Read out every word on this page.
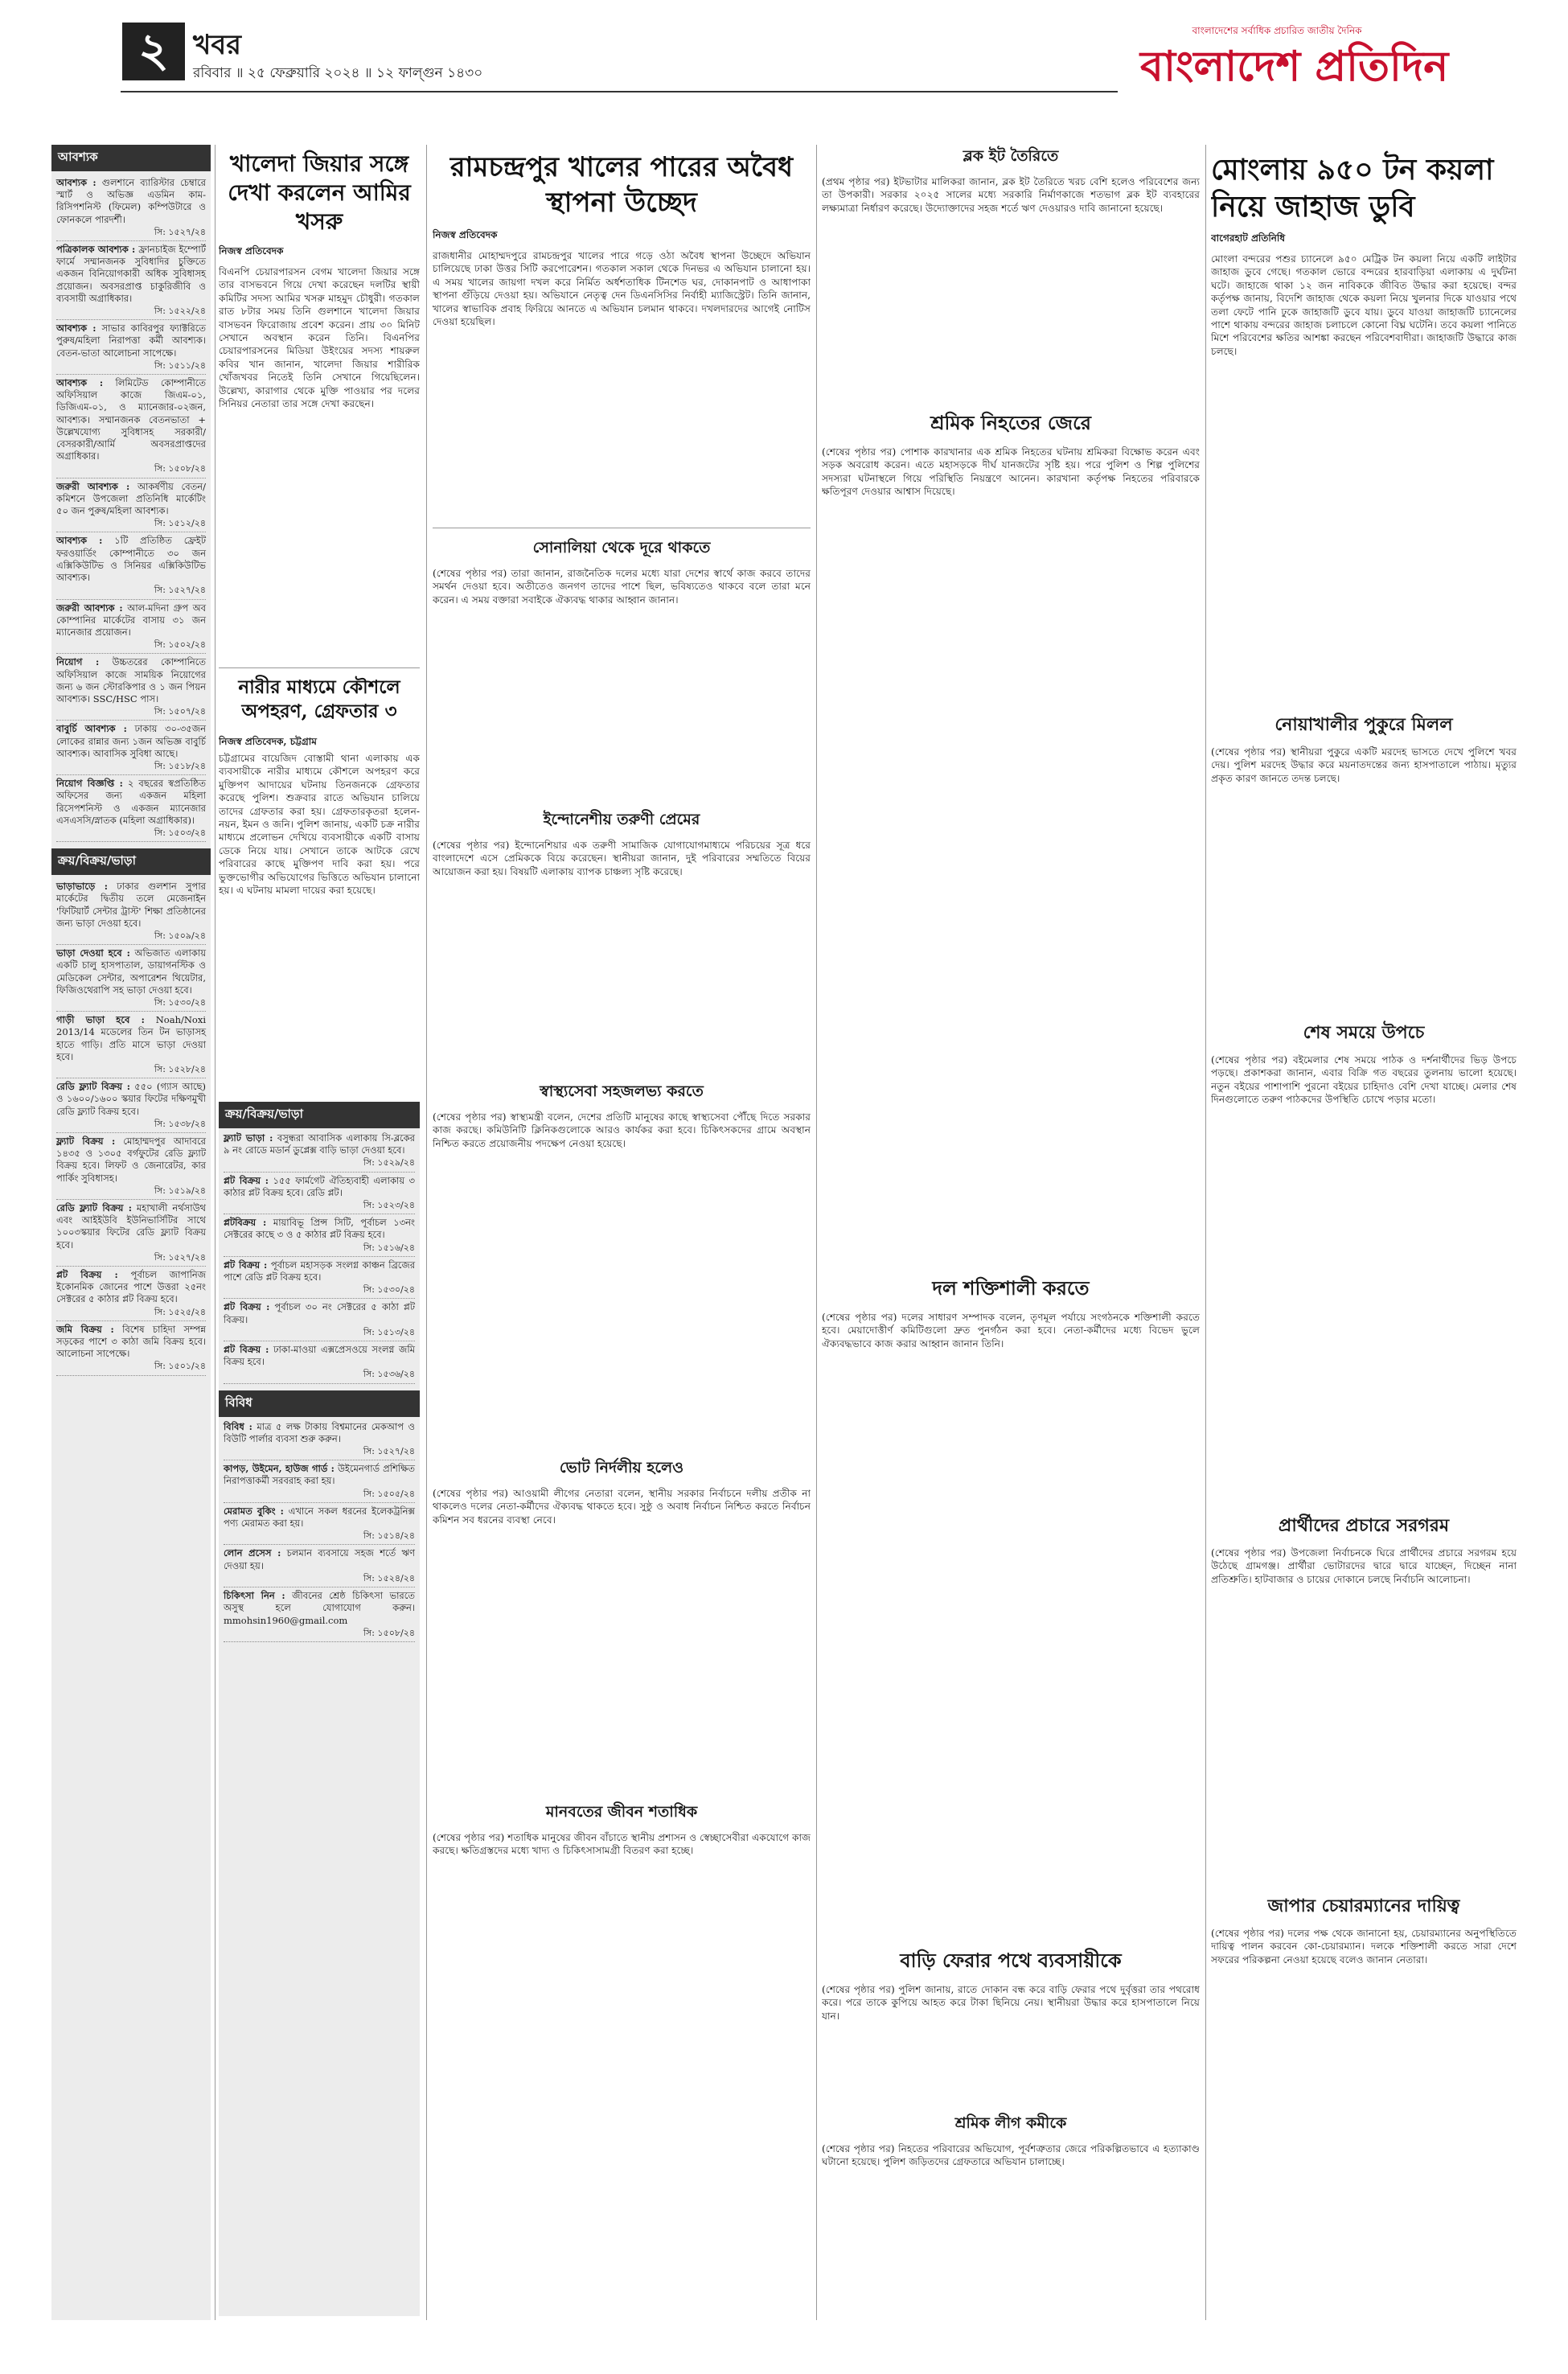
২ খবর
রবিবার ॥ ২৫ ফেব্রুয়ারি ২০২৪ ॥ ১২ ফাল্গুন ১৪৩০
বাংলাদেশের সর্বাধিক প্রচারিত জাতীয় দৈনিক
বাংলাদেশ প্রতিদিন
আবশ্যক

আবশ্যক : গুলশানে ব্যারিস্টার চেম্বারে স্মার্ট ও অভিজ্ঞ এডমিন কাম-রিসিপশনিস্ট (ফিমেল) কম্পিউটারে ও ফোনকলে পারদর্শী।
সি: ১৫২৭/২৪

পত্রিকালক আবশ্যক : ফ্রানচাইজ ইম্পোর্ট ফার্মে সম্মানজনক সুবিধাদির চুক্তিতে একজন বিনিয়োগকারী অধিক সুবিধাসহ প্রয়োজন। অবসরপ্রাপ্ত চাকুরিজীবি ও ব্যবসায়ী অগ্রাধিকার।
সি: ১৫২২/২৪

আবশ্যক : সাভার কাবিরপুর ফ্যাক্টরিতে পুরুষ/মহিলা নিরাপত্তা কর্মী আবশ্যক। বেতন-ভাতা আলোচনা সাপেক্ষে।
সি: ১৫১১/২৪

আবশ্যক : লিমিটেড কোম্পানীতে অফিসিয়াল কাজে জিএম-০১, ডিজিএম-০১, ও ম্যানেজার-০২জন, আবশ্যক। সম্মানজনক বেতনভাতা + উল্লেখযোগ্য সুবিধাসহ সরকারী/বেসরকারী/আর্মি অবসরপ্রাপ্তদের অগ্রাধিকার।
সি: ১৫০৮/২৪

জরুরী আবশ্যক : আকর্ষণীয় বেতন/কমিশনে উপজেলা প্রতিনিধি মার্কেটিং ৫০ জন পুরুষ/মহিলা আবশ্যক।
সি: ১৫১২/২৪

আবশ্যক : ১টি প্রতিষ্ঠিত ফ্রেইট ফরওয়ার্ডিং কোম্পানীতে ৩০ জন এক্সিকিউটিভ ও সিনিয়র এক্সিকিউটিভ আবশ্যক।
সি: ১৫২৭/২৪

জরুরী আবশ্যক : আল-মদিনা গ্রুপ অব কোম্পানির মার্কেটের বাসায় ৩১ জন ম্যানেজার প্রয়োজন।
সি: ১৫০২/২৪

নিয়োগ : উচ্চতরের কোম্পানিতে অফিসিয়াল কাজে সাময়িক নিয়োগের জন্য ৬ জন স্টোরকিপার ও ১ জন পিয়ন আবশ্যক। SSC/HSC পাস।
সি: ১৫০৭/২৪

বাবুর্চি আবশ্যক : ঢাকায় ৩০-৩৫জন লোকের রান্নার জন্য ১জন অভিজ্ঞ বাবুর্চি আবশ্যক। আবাসিক সুবিধা আছে।
সি: ১৫১৮/২৪

নিয়োগ বিজ্ঞপ্তি : ২ বছরের স্বপ্রতিষ্ঠিত অফিসের জন্য একজন মহিলা রিসেপশনিস্ট ও একজন ম্যানেজার এসএসসি/স্নাতক (মহিলা অগ্রাধিকার)।
সি: ১৫০৩/২৪

ক্রয়/বিক্রয়/ভাড়া

ভাড়াভাড়ে : ঢাকার গুলশান সুপার মার্কেটের দ্বিতীয় তলে মেজেনাইন 'ফিটিয়ার্ট সেন্টার ট্রাস্ট' শিক্ষা প্রতিষ্ঠানের জন্য ভাড়া দেওয়া হবে।
সি: ১৫০৯/২৪

ভাড়া দেওয়া হবে : অভিজাত এলাকায় একটি চালু হাসপাতাল, ডায়াগনস্টিক ও মেডিকেল সেন্টার, অপারেশন থিয়েটার, ফিজিওথেরাপি সহ ভাড়া দেওয়া হবে।
সি: ১৫৩০/২৪

গাড়ী ভাড়া হবে : Noah/Noxi 2013/14 মডেলের তিন টন ভাড়াসহ হাতে গাড়ি। প্রতি মাসে ভাড়া দেওয়া হবে।
সি: ১৫২৮/২৪

রেডি ফ্ল্যাট বিক্রয় : ৫৫০ (গ্যাস আছে) ও ১৬০০/১৬০০ স্কয়ার ফিটের দক্ষিণমুখী রেডি ফ্ল্যাট বিক্রয় হবে।
সি: ১৫৩৮/২৪

ফ্ল্যাট বিক্রয় : মোহাম্মদপুর আদাবরে ১৪৩৫ ও ১৩০৫ বর্গফুটের রেডি ফ্ল্যাট বিক্রয় হবে। লিফট ও জেনারেটর, কার পার্কিং সুবিধাসহ।
সি: ১৫১৯/২৪

রেডি ফ্ল্যাট বিক্রয় : মহাখালী নর্থসাউথ এবং আইইউবি ইউনিভার্সিটির সাথে ১০০৩স্কয়ার ফিটের রেডি ফ্ল্যাট বিক্রয় হবে।
সি: ১৫২৭/২৪

প্লট বিক্রয় : পূর্বাচল জাপানিজ ইকোনমিক জোনের পাশে উত্তরা ২৫নং সেক্টরের ৫ কাঠার প্লট বিক্রয় হবে।
সি: ১৫২৫/২৪

জমি বিক্রয় : বিশেষ চাহিদা সম্পন্ন সড়কের পাশে ৩ কাঠা জমি বিক্রয় হবে। আলোচনা সাপেক্ষে।
সি: ১৫০১/২৪

খালেদা জিয়ার সঙ্গে দেখা করলেন আমির খসরু
নিজস্ব প্রতিবেদক
বিএনপি চেয়ারপারসন বেগম খালেদা জিয়ার সঙ্গে তার বাসভবনে গিয়ে দেখা করেছেন দলটির স্থায়ী কমিটির সদস্য আমির খসরু মাহমুদ চৌধুরী। গতকাল রাত ৮টার সময় তিনি গুলশানে খালেদা জিয়ার বাসভবন ফিরোজায় প্রবেশ করেন। প্রায় ৩০ মিনিট সেখানে অবস্থান করেন তিনি। বিএনপির চেয়ারপারসনের মিডিয়া উইংয়ের সদস্য শায়রুল কবির খান জানান, খালেদা জিয়ার শারীরিক খোঁজখবর নিতেই তিনি সেখানে গিয়েছিলেন। উল্লেখ্য, কারাগার থেকে মুক্তি পাওয়ার পর দলের সিনিয়র নেতারা তার সঙ্গে দেখা করছেন।
নারীর মাধ্যমে কৌশলে অপহরণ, গ্রেফতার ৩
নিজস্ব প্রতিবেদক, চট্টগ্রাম
চট্টগ্রামের বায়েজিদ বোস্তামী থানা এলাকায় এক ব্যবসায়ীকে নারীর মাধ্যমে কৌশলে অপহরণ করে মুক্তিপণ আদায়ের ঘটনায় তিনজনকে গ্রেফতার করেছে পুলিশ। শুক্রবার রাতে অভিযান চালিয়ে তাদের গ্রেফতার করা হয়। গ্রেফতারকৃতরা হলেন-নয়ন, ইমন ও জনি। পুলিশ জানায়, একটি চক্র নারীর মাধ্যমে প্রলোভন দেখিয়ে ব্যবসায়ীকে একটি বাসায় ডেকে নিয়ে যায়। সেখানে তাকে আটকে রেখে পরিবারের কাছে মুক্তিপণ দাবি করা হয়। পরে ভুক্তভোগীর অভিযোগের ভিত্তিতে অভিযান চালানো হয়। এ ঘটনায় মামলা দায়ের করা হয়েছে।
ক্রয়/বিক্রয়/ভাড়া

ফ্ল্যাট ভাড়া : বসুন্ধরা আবাসিক এলাকায় সি-ব্লকের ৯ নং রোডে মডার্ন ডুপ্লেক্স বাড়ি ভাড়া দেওয়া হবে।
সি: ১৫২৯/২৪

প্লট বিক্রয় : ১৫৫ ফার্মগেট ঐতিহ্যবাহী এলাকায় ৩ কাঠার প্লট বিক্রয় হবে। রেডি প্লট।
সি: ১৫২৩/২৪

প্লটবিক্রয় : মায়াবিভূ প্রিন্স সিটি, পূর্বাচল ১৩নং সেক্টরের কাছে ৩ ও ৫ কাঠার প্লট বিক্রয় হবে।
সি: ১৫১৬/২৪

প্লট বিক্রয় : পূর্বাচল মহাসড়ক সংলগ্ন কাঞ্চন ব্রিজের পাশে রেডি প্লট বিক্রয় হবে।
সি: ১৫৩০/২৪

প্লট বিক্রয় : পূর্বাচল ৩০ নং সেক্টরের ৫ কাঠা প্লট বিক্রয়।
সি: ১৫১৩/২৪

প্লট বিক্রয় : ঢাকা-মাওয়া এক্সপ্রেসওয়ে সংলগ্ন জমি বিক্রয় হবে।
সি: ১৫৩৬/২৪

বিবিধ

বিবিধ : মাত্র ৫ লক্ষ টাকায় বিশ্বমানের মেকআপ ও বিউটি পার্লার ব্যবসা শুরু করুন।
সি: ১৫২৭/২৪

কাপড়, উইমেন, হাউজ গার্ড : উইমেনগার্ড প্রশিক্ষিত নিরাপত্তাকর্মী সরবরাহ করা হয়।
সি: ১৫০৫/২৪

মেরামত বুকিং : এখানে সকল ধরনের ইলেকট্রনিক্স পণ্য মেরামত করা হয়।
সি: ১৫১৪/২৪

লোন প্রসেস : চলমান ব্যবসায়ে সহজ শর্তে ঋণ দেওয়া হয়।
সি: ১৫২৪/২৪

চিকিৎসা নিন : জীবনের শ্রেষ্ঠ চিকিৎসা ভারতে অসুস্থ হলে যোগাযোগ করুন। mmohsin1960@gmail.com
সি: ১৫০৮/২৪

রামচন্দ্রপুর খালের পারের অবৈধ স্থাপনা উচ্ছেদ
নিজস্ব প্রতিবেদক
রাজধানীর মোহাম্মদপুরে রামচন্দ্রপুর খালের পারে গড়ে ওঠা অবৈধ স্থাপনা উচ্ছেদে অভিযান চালিয়েছে ঢাকা উত্তর সিটি করপোরেশন। গতকাল সকাল থেকে দিনভর এ অভিযান চালানো হয়। এ সময় খালের জায়গা দখল করে নির্মিত অর্ধশতাধিক টিনশেড ঘর, দোকানপাট ও আধাপাকা স্থাপনা গুঁড়িয়ে দেওয়া হয়। অভিযানে নেতৃত্ব দেন ডিএনসিসির নির্বাহী ম্যাজিস্ট্রেট। তিনি জানান, খালের স্বাভাবিক প্রবাহ ফিরিয়ে আনতে এ অভিযান চলমান থাকবে। দখলদারদের আগেই নোটিস দেওয়া হয়েছিল।
সোনালিয়া থেকে দূরে থাকতে
(শেষের পৃষ্ঠার পর) তারা জানান, রাজনৈতিক দলের মধ্যে যারা দেশের স্বার্থে কাজ করবে তাদের সমর্থন দেওয়া হবে। অতীতেও জনগণ তাদের পাশে ছিল, ভবিষ্যতেও থাকবে বলে তারা মনে করেন। এ সময় বক্তারা সবাইকে ঐক্যবদ্ধ থাকার আহ্বান জানান।
ইন্দোনেশীয় তরুণী প্রেমের
(শেষের পৃষ্ঠার পর) ইন্দোনেশিয়ার এক তরুণী সামাজিক যোগাযোগমাধ্যমে পরিচয়ের সূত্র ধরে বাংলাদেশে এসে প্রেমিককে বিয়ে করেছেন। স্থানীয়রা জানান, দুই পরিবারের সম্মতিতে বিয়ের আয়োজন করা হয়। বিষয়টি এলাকায় ব্যাপক চাঞ্চল্য সৃষ্টি করেছে।
স্বাস্থ্যসেবা সহজলভ্য করতে
(শেষের পৃষ্ঠার পর) স্বাস্থ্যমন্ত্রী বলেন, দেশের প্রতিটি মানুষের কাছে স্বাস্থ্যসেবা পৌঁছে দিতে সরকার কাজ করছে। কমিউনিটি ক্লিনিকগুলোকে আরও কার্যকর করা হবে। চিকিৎসকদের গ্রামে অবস্থান নিশ্চিত করতে প্রয়োজনীয় পদক্ষেপ নেওয়া হয়েছে।
ভোট নির্দলীয় হলেও
(শেষের পৃষ্ঠার পর) আওয়ামী লীগের নেতারা বলেন, স্থানীয় সরকার নির্বাচনে দলীয় প্রতীক না থাকলেও দলের নেতা-কর্মীদের ঐক্যবদ্ধ থাকতে হবে। সুষ্ঠু ও অবাধ নির্বাচন নিশ্চিত করতে নির্বাচন কমিশন সব ধরনের ব্যবস্থা নেবে।
মানবতের জীবন শতাধিক
(শেষের পৃষ্ঠার পর) শতাধিক মানুষের জীবন বাঁচাতে স্থানীয় প্রশাসন ও স্বেচ্ছাসেবীরা একযোগে কাজ করছে। ক্ষতিগ্রস্তদের মধ্যে খাদ্য ও চিকিৎসাসামগ্রী বিতরণ করা হচ্ছে।
ব্লক ইট তৈরিতে
(প্রথম পৃষ্ঠার পর) ইটভাটার মালিকরা জানান, ব্লক ইট তৈরিতে খরচ বেশি হলেও পরিবেশের জন্য তা উপকারী। সরকার ২০২৫ সালের মধ্যে সরকারি নির্মাণকাজে শতভাগ ব্লক ইট ব্যবহারের লক্ষ্যমাত্রা নির্ধারণ করেছে। উদ্যোক্তাদের সহজ শর্তে ঋণ দেওয়ারও দাবি জানানো হয়েছে।
শ্রমিক নিহতের জেরে
(শেষের পৃষ্ঠার পর) পোশাক কারখানার এক শ্রমিক নিহতের ঘটনায় শ্রমিকরা বিক্ষোভ করেন এবং সড়ক অবরোধ করেন। এতে মহাসড়কে দীর্ঘ যানজটের সৃষ্টি হয়। পরে পুলিশ ও শিল্প পুলিশের সদস্যরা ঘটনাস্থলে গিয়ে পরিস্থিতি নিয়ন্ত্রণে আনেন। কারখানা কর্তৃপক্ষ নিহতের পরিবারকে ক্ষতিপূরণ দেওয়ার আশ্বাস দিয়েছে।
দল শক্তিশালী করতে
(শেষের পৃষ্ঠার পর) দলের সাধারণ সম্পাদক বলেন, তৃণমূল পর্যায়ে সংগঠনকে শক্তিশালী করতে হবে। মেয়াদোত্তীর্ণ কমিটিগুলো দ্রুত পুনর্গঠন করা হবে। নেতা-কর্মীদের মধ্যে বিভেদ ভুলে ঐক্যবদ্ধভাবে কাজ করার আহ্বান জানান তিনি।
বাড়ি ফেরার পথে ব্যবসায়ীকে
(শেষের পৃষ্ঠার পর) পুলিশ জানায়, রাতে দোকান বন্ধ করে বাড়ি ফেরার পথে দুর্বৃত্তরা তার পথরোধ করে। পরে তাকে কুপিয়ে আহত করে টাকা ছিনিয়ে নেয়। স্থানীয়রা উদ্ধার করে হাসপাতালে নিয়ে যান।
শ্রমিক লীগ কমীকে
(শেষের পৃষ্ঠার পর) নিহতের পরিবারের অভিযোগ, পূর্বশত্রুতার জেরে পরিকল্পিতভাবে এ হত্যাকাণ্ড ঘটানো হয়েছে। পুলিশ জড়িতদের গ্রেফতারে অভিযান চালাচ্ছে।
মোংলায় ৯৫০ টন কয়লা নিয়ে জাহাজ ডুবি
বাগেরহাট প্রতিনিধি
মোংলা বন্দরের পশুর চ্যানেলে ৯৫০ মেট্রিক টন কয়লা নিয়ে একটি লাইটার জাহাজ ডুবে গেছে। গতকাল ভোরে বন্দরের হারবাড়িয়া এলাকায় এ দুর্ঘটনা ঘটে। জাহাজে থাকা ১২ জন নাবিককে জীবিত উদ্ধার করা হয়েছে। বন্দর কর্তৃপক্ষ জানায়, বিদেশি জাহাজ থেকে কয়লা নিয়ে খুলনার দিকে যাওয়ার পথে তলা ফেটে পানি ঢুকে জাহাজটি ডুবে যায়। ডুবে যাওয়া জাহাজটি চ্যানেলের পাশে থাকায় বন্দরের জাহাজ চলাচলে কোনো বিঘ্ন ঘটেনি। তবে কয়লা পানিতে মিশে পরিবেশের ক্ষতির আশঙ্কা করছেন পরিবেশবাদীরা। জাহাজটি উদ্ধারে কাজ চলছে।
নোয়াখালীর পুকুরে মিলল
(শেষের পৃষ্ঠার পর) স্থানীয়রা পুকুরে একটি মরদেহ ভাসতে দেখে পুলিশে খবর দেয়। পুলিশ মরদেহ উদ্ধার করে ময়নাতদন্তের জন্য হাসপাতালে পাঠায়। মৃত্যুর প্রকৃত কারণ জানতে তদন্ত চলছে।
শেষ সময়ে উপচে
(শেষের পৃষ্ঠার পর) বইমেলার শেষ সময়ে পাঠক ও দর্শনার্থীদের ভিড় উপচে পড়ছে। প্রকাশকরা জানান, এবার বিক্রি গত বছরের তুলনায় ভালো হয়েছে। নতুন বইয়ের পাশাপাশি পুরনো বইয়ের চাহিদাও বেশি দেখা যাচ্ছে। মেলার শেষ দিনগুলোতে তরুণ পাঠকদের উপস্থিতি চোখে পড়ার মতো।
প্রার্থীদের প্রচারে সরগরম
(শেষের পৃষ্ঠার পর) উপজেলা নির্বাচনকে ঘিরে প্রার্থীদের প্রচারে সরগরম হয়ে উঠেছে গ্রামগঞ্জ। প্রার্থীরা ভোটারদের দ্বারে দ্বারে যাচ্ছেন, দিচ্ছেন নানা প্রতিশ্রুতি। হাটবাজার ও চায়ের দোকানে চলছে নির্বাচনি আলোচনা।
জাপার চেয়ারম্যানের দায়িত্ব
(শেষের পৃষ্ঠার পর) দলের পক্ষ থেকে জানানো হয়, চেয়ারম্যানের অনুপস্থিতিতে দায়িত্ব পালন করবেন কো-চেয়ারম্যান। দলকে শক্তিশালী করতে সারা দেশে সফরের পরিকল্পনা নেওয়া হয়েছে বলেও জানান নেতারা।
